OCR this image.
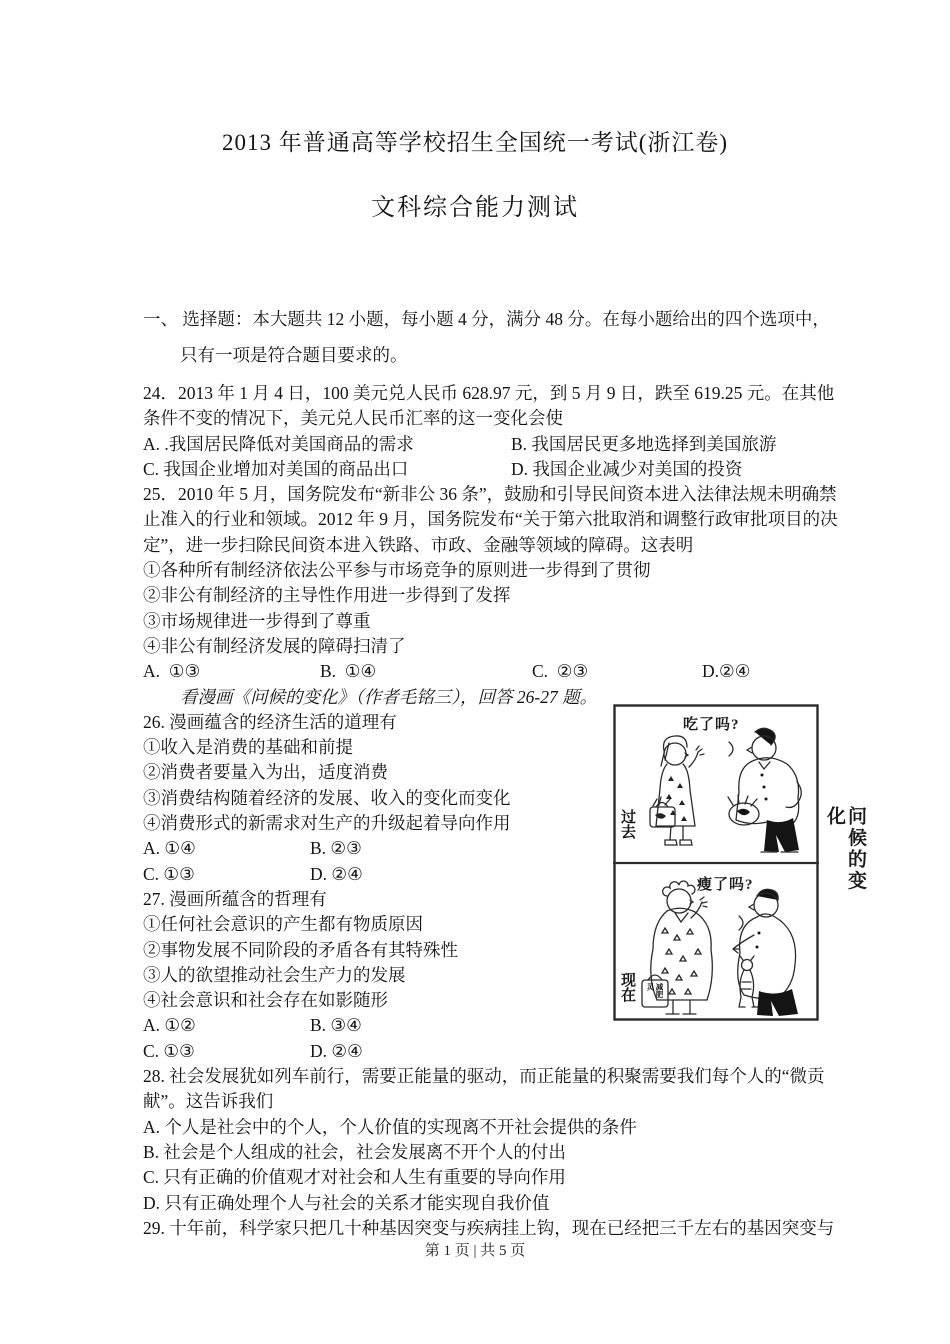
2013 年普通高等学校招生全国统一考试(浙江卷)
文科综合能力测试
一、 选择题：本大题共 12 小题，每小题 4 分，满分 48 分。在每小题给出的四个选项中，
只有一项是符合题目要求的。
24．2013 年 1 月 4 日，100 美元兑人民币 628.97 元，到 5 月 9 日，跌至 619.25 元。在其他
条件不变的情况下，美元兑人民币汇率的这一变化会使
A. .我国居民降低对美国商品的需求	B. 我国居民更多地选择到美国旅游
C. 我国企业增加对美国的商品出口	D. 我国企业减少对美国的投资
25．2010 年 5 月，国务院发布“新非公 36 条”，鼓励和引导民间资本进入法律法规未明确禁
止准入的行业和领域。2012 年 9 月，国务院发布“关于第六批取消和调整行政审批项目的决
定”，进一步扫除民间资本进入铁路、市政、金融等领域的障碍。这表明
①各种所有制经济依法公平参与市场竞争的原则进一步得到了贯彻
②非公有制经济的主导性作用进一步得到了发挥
③市场规律进一步得到了尊重
④非公有制经济发展的障碍扫清了
A.  ①③	B.  ①④	C.  ②③	D.②④
看漫画《问候的变化》（作者毛铭三），回答 26-27 题。
26. 漫画蕴含的经济生活的道理有
①收入是消费的基础和前提
②消费者要量入为出，适度消费
③消费结构随着经济的发展、收入的变化而变化
④消费形式的新需求对生产的升级起着导向作用
A. ①④	B. ②③
C. ①③	D. ②④
27. 漫画所蕴含的哲理有
①任何社会意识的产生都有物质原因
②事物发展不同阶段的矛盾各有其特殊性
③人的欲望推动社会生产力的发展
④社会意识和社会存在如影随形
A. ①②	B. ③④
C. ①③	D. ②④
28. 社会发展犹如列车前行，需要正能量的驱动，而正能量的积聚需要我们每个人的“微贡
献”。这告诉我们
A. 个人是社会中的个人，个人价值的实现离不开社会提供的条件
B. 社会是个人组成的社会，社会发展离不开个人的付出
C. 只有正确的价值观才对社会和人生有重要的导向作用
D. 只有正确处理个人与社会的关系才能实现自我价值
29. 十年前，科学家只把几十种基因突变与疾病挂上钩，现在已经把三千左右的基因突变与
吃了吗?
过去
瘦了吗?
现在	减肥灵
问候的变化
第 1 页 | 共 5 页
